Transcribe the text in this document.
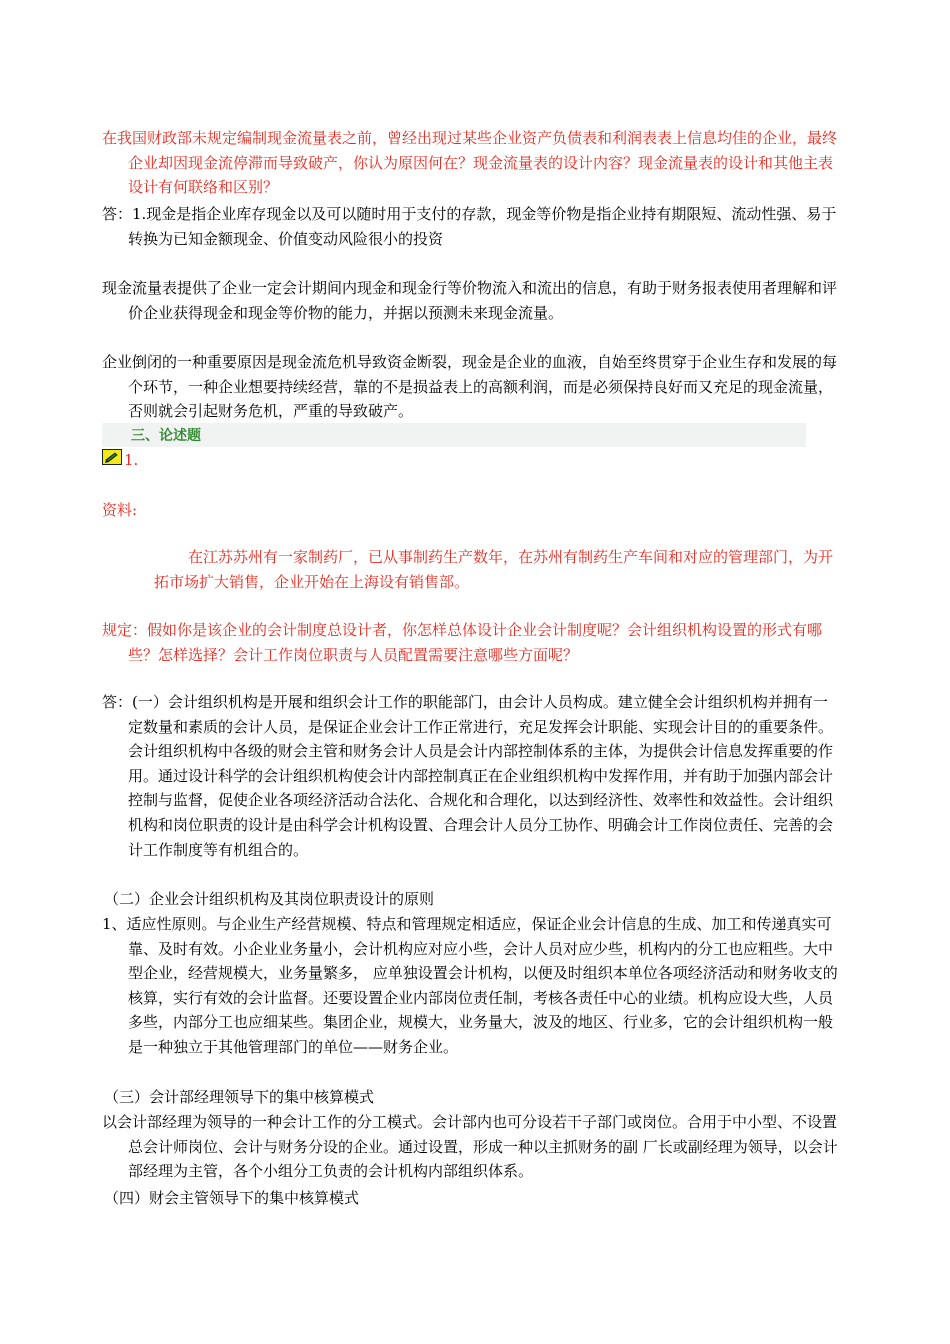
在我国财政部未规定编制现金流量表之前，曾经出现过某些企业资产负债表和利润表表上信息均佳的企业，最终企业却因现金流停滞而导致破产，你认为原因何在？现金流量表的设计内容？现金流量表的设计和其他主表设计有何联络和区别？

答：1.现金是指企业库存现金以及可以随时用于支付的存款，现金等价物是指企业持有期限短、流动性强、易于转换为已知金额现金、价值变动风险很小的投资

现金流量表提供了企业一定会计期间内现金和现金行等价物流入和流出的信息，有助于财务报表使用者理解和评价企业获得现金和现金等价物的能力，并据以预测未来现金流量。

企业倒闭的一种重要原因是现金流危机导致资金断裂，现金是企业的血液，自始至终贯穿于企业生存和发展的每个环节，一种企业想要持续经营，靠的不是损益表上的高额利润，而是必须保持良好而又充足的现金流量，否则就会引起财务危机，严重的导致破产。

三、论述题
1.

资料:

在江苏苏州有一家制药厂，已从事制药生产数年，在苏州有制药生产车间和对应的管理部门，为开拓市场扩大销售，企业开始在上海设有销售部。

规定：假如你是该企业的会计制度总设计者，你怎样总体设计企业会计制度呢？会计组织机构设置的形式有哪些？怎样选择？会计工作岗位职责与人员配置需要注意哪些方面呢？

答：(一）会计组织机构是开展和组织会计工作的职能部门，由会计人员构成。建立健全会计组织机构并拥有一定数量和素质的会计人员，是保证企业会计工作正常进行，充足发挥会计职能、实现会计目的的重要条件。会计组织机构中各级的财会主管和财务会计人员是会计内部控制体系的主体，为提供会计信息发挥重要的作用。通过设计科学的会计组织机构使会计内部控制真正在企业组织机构中发挥作用，并有助于加强内部会计控制与监督，促使企业各项经济活动合法化、合规化和合理化，以达到经济性、效率性和效益性。会计组织机构和岗位职责的设计是由科学会计机构设置、合理会计人员分工协作、明确会计工作岗位责任、完善的会计工作制度等有机组合的。

（二）企业会计组织机构及其岗位职责设计的原则

1、适应性原则。与企业生产经营规模、特点和管理规定相适应，保证企业会计信息的生成、加工和传递真实可靠、及时有效。小企业业务量小，会计机构应对应小些，会计人员对应少些，机构内的分工也应粗些。大中型企业，经营规模大，业务量繁多， 应单独设置会计机构，以便及时组织本单位各项经济活动和财务收支的核算，实行有效的会计监督。还要设置企业内部岗位责任制，考核各责任中心的业绩。机构应设大些，人员多些，内部分工也应细某些。集团企业，规模大，业务量大，波及的地区、行业多，它的会计组织机构一般是一种独立于其他管理部门的单位——财务企业。

（三）会计部经理领导下的集中核算模式

以会计部经理为领导的一种会计工作的分工模式。会计部内也可分设若干子部门或岗位。合用于中小型、不设置总会计师岗位、会计与财务分设的企业。通过设置，形成一种以主抓财务的副 厂长或副经理为领导，以会计部经理为主管，各个小组分工负责的会计机构内部组织体系。

（四）财会主管领导下的集中核算模式
